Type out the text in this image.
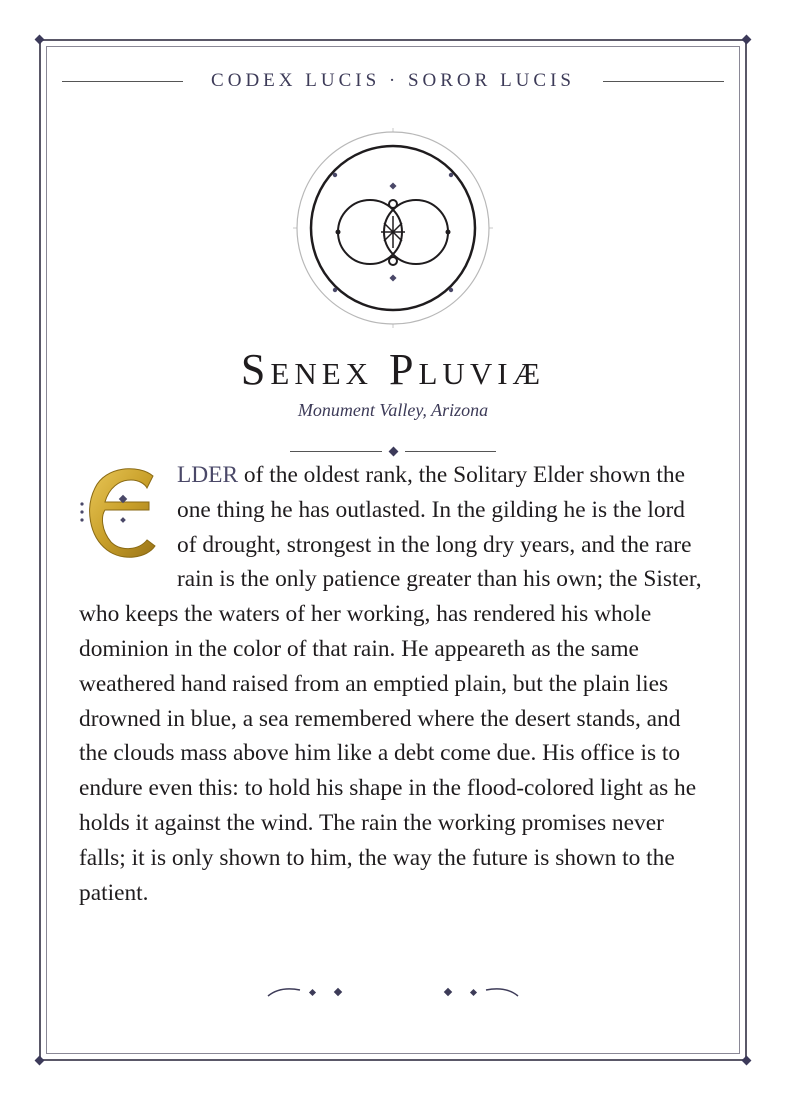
CODEX LUCIS · SOROR LUCIS
Senex Pluviæ
Monument Valley, Arizona
LDER of the oldest rank, the Solitary Elder shown the one thing he has outlasted. In the gilding he is the lord of drought, strongest in the long dry years, and the rare rain is the only patience greater than his own; the Sister, who keeps the waters of her working, has rendered his whole dominion in the color of that rain. He appeareth as the same weathered hand raised from an emptied plain, but the plain lies drowned in blue, a sea remembered where the desert stands, and the clouds mass above him like a debt come due. His office is to endure even this: to hold his shape in the flood-colored light as he holds it against the wind. The rain the working promises never falls; it is only shown to him, the way the future is shown to the patient.
